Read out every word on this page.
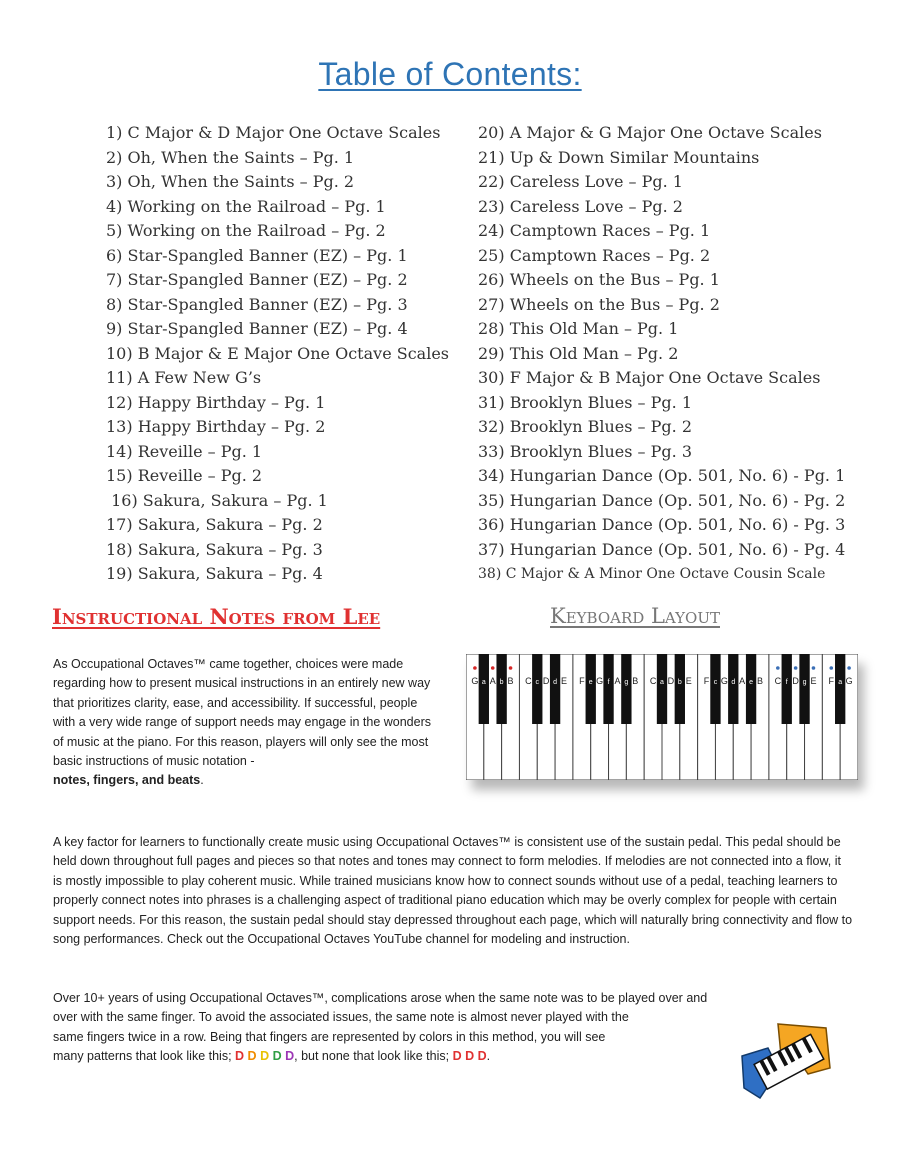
Table of Contents:
1) C Major & D Major One Octave Scales
2) Oh, When the Saints – Pg. 1
3) Oh, When the Saints – Pg. 2
4) Working on the Railroad – Pg. 1
5) Working on the Railroad – Pg. 2
6) Star-Spangled Banner (EZ) – Pg. 1
7) Star-Spangled Banner (EZ) – Pg. 2
8) Star-Spangled Banner (EZ) – Pg. 3
9) Star-Spangled Banner (EZ) – Pg. 4
10) B Major & E Major One Octave Scales
11) A Few New G’s
12) Happy Birthday – Pg. 1
13) Happy Birthday – Pg. 2
14) Reveille – Pg. 1
15) Reveille – Pg. 2
16) Sakura, Sakura – Pg. 1
17) Sakura, Sakura – Pg. 2
18) Sakura, Sakura – Pg. 3
19) Sakura, Sakura – Pg. 4
20) A Major & G Major One Octave Scales
21) Up & Down Similar Mountains
22) Careless Love – Pg. 1
23) Careless Love – Pg. 2
24) Camptown Races – Pg. 1
25) Camptown Races – Pg. 2
26) Wheels on the Bus – Pg. 1
27) Wheels on the Bus – Pg. 2
28) This Old Man – Pg. 1
29) This Old Man – Pg. 2
30) F Major & B Major One Octave Scales
31) Brooklyn Blues – Pg. 1
32) Brooklyn Blues – Pg. 2
33) Brooklyn Blues – Pg. 3
34) Hungarian Dance (Op. 501, No. 6) - Pg. 1
35) Hungarian Dance (Op. 501, No. 6) - Pg. 2
36) Hungarian Dance (Op. 501, No. 6) - Pg. 3
37) Hungarian Dance (Op. 501, No. 6) - Pg. 4
38) C Major & A Minor One Octave Cousin Scale
Instructional Notes from Lee	Keyboard Layout
As Occupational Octaves™ came together, choices were made regarding how to present musical instructions in an entirely new way that prioritizes clarity, ease, and accessibility. If successful, people with a very wide range of support needs may engage in the wonders of music at the piano. For this reason, players will only see the most basic instructions of music notation -
notes, fingers, and beats.
G A B C D E F G A B C D E F G A B C D E F G
a b	c d	e f g	a b	c d e	f g	a
A key factor for learners to functionally create music using Occupational Octaves™ is consistent use of the sustain pedal. This pedal should be held down throughout full pages and pieces so that notes and tones may connect to form melodies. If melodies are not connected into a flow, it is mostly impossible to play coherent music. While trained musicians know how to connect sounds without use of a pedal, teaching learners to properly connect notes into phrases is a challenging aspect of traditional piano education which may be overly complex for people with certain support needs. For this reason, the sustain pedal should stay depressed throughout each page, which will naturally bring connectivity and flow to song performances. Check out the Occupational Octaves YouTube channel for modeling and instruction.
Over 10+ years of using Occupational Octaves™, complications arose when the same note was to be played over and
over with the same finger. To avoid the associated issues, the same note is almost never played with the
same fingers twice in a row. Being that fingers are represented by colors in this method, you will see
many patterns that look like this; D D D D D, but none that look like this; D D D.
